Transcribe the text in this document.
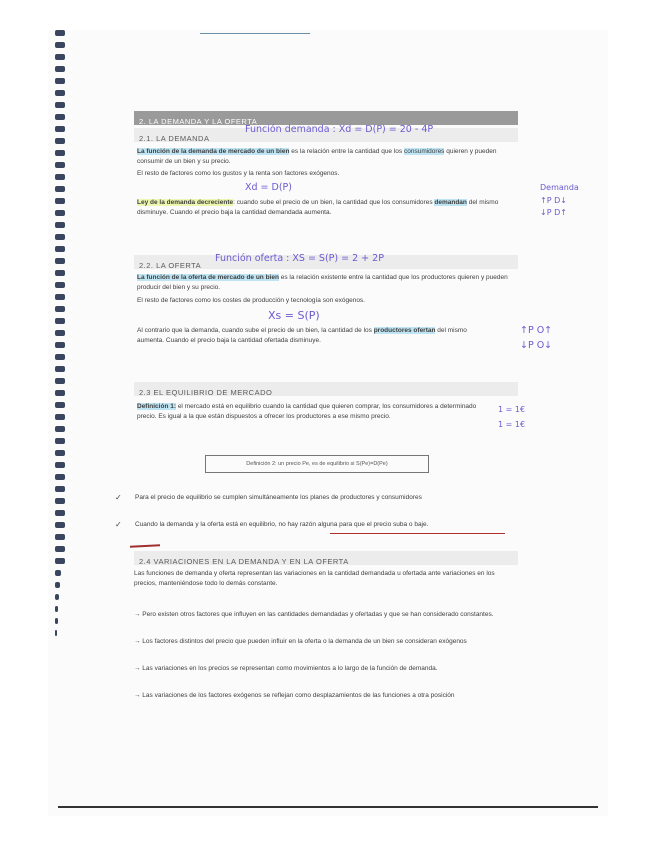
2. LA DEMANDA Y LA OFERTA
2.1. LA DEMANDA
Función demanda : Xd = D(P) = 20 - 4P
La función de la demanda de mercado de un bien es la relación entre la cantidad que los consumidores quieren y pueden consumir de un bien y su precio.
El resto de factores como los gustos y la renta son factores exógenos.
Xd = D(P)
Ley de la demanda decreciente: cuando sube el precio de un bien, la cantidad que los consumidores demandan del mismo disminuye. Cuando el precio baja la cantidad demandada aumenta.
Demanda
↑P D↓
↓P D↑
2.2. LA OFERTA
Función oferta : XS = S(P) = 2 + 2P
La función de la oferta de mercado de un bien es la relación existente entre la cantidad que los productores quieren y pueden producir del bien y su precio.
El resto de factores como los costes de producción y tecnología son exógenos.
Xs = S(P)
Al contrario que la demanda, cuando sube el precio de un bien, la cantidad de los productores ofertan del mismo aumenta. Cuando el precio baja la cantidad ofertada disminuye.
↑P O↑
↓P O↓
2.3 EL EQUILIBRIO DE MERCADO
Definición 1: el mercado está en equilibrio cuando la cantidad que quieren comprar, los consumidores a determinado precio. Es igual a la que están dispuestos a ofrecer los productores a ese mismo precio.
1 = 1€
1 = 1€
Definición 2: un precio Pe, es de equilibrio si S(Pe)=D(Pe)
✓ Para el precio de equilibrio se cumplen simultáneamente los planes de productores y consumidores
✓ Cuando la demanda y la oferta está en equilibrio, no hay razón alguna para que el precio suba o baje.
2.4 VARIACIONES EN LA DEMANDA Y EN LA OFERTA
Las funciones de demanda y oferta representan las variaciones en la cantidad demandada u ofertada ante variaciones en los precios, manteniéndose todo lo demás constante.
→ Pero existen otros factores que influyen en las cantidades demandadas y ofertadas y que se han considerado constantes.
→ Los factores distintos del precio que pueden influir en la oferta o la demanda de un bien se consideran exógenos
→ Las variaciones en los precios se representan como movimientos a lo largo de la función de demanda.
→ Las variaciones de los factores exógenos se reflejan como desplazamientos de las funciones a otra posición
